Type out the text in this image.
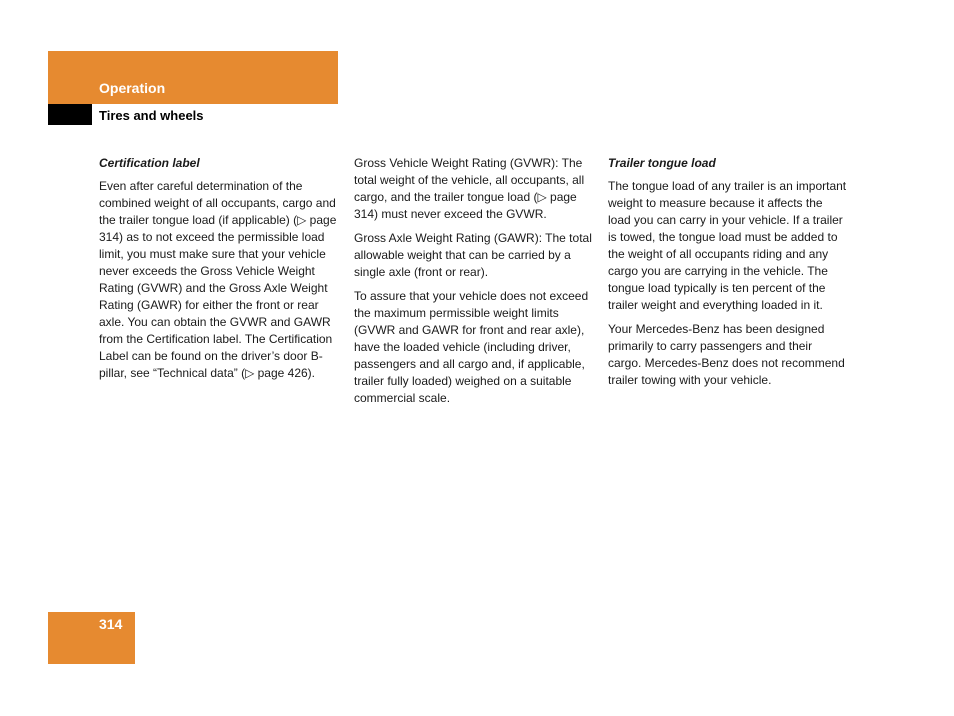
Operation
Tires and wheels
Certification label

Even after careful determination of the combined weight of all occupants, cargo and the trailer tongue load (if applicable) (▷ page 314) as to not exceed the permissible load limit, you must make sure that your vehicle never exceeds the Gross Vehicle Weight Rating (GVWR) and the Gross Axle Weight Rating (GAWR) for either the front or rear axle. You can obtain the GVWR and GAWR from the Certification label. The Certification Label can be found on the driver’s door B-pillar, see “Technical data” (▷ page 426).

Gross Vehicle Weight Rating (GVWR): The total weight of the vehicle, all occupants, all cargo, and the trailer tongue load (▷ page 314) must never exceed the GVWR.

Gross Axle Weight Rating (GAWR): The total allowable weight that can be carried by a single axle (front or rear).

To assure that your vehicle does not exceed the maximum permissible weight limits (GVWR and GAWR for front and rear axle), have the loaded vehicle (including driver, passengers and all cargo and, if applicable, trailer fully loaded) weighed on a suitable commercial scale.

Trailer tongue load

The tongue load of any trailer is an important weight to measure because it affects the load you can carry in your vehicle. If a trailer is towed, the tongue load must be added to the weight of all occupants riding and any cargo you are carrying in the vehicle. The tongue load typically is ten percent of the trailer weight and everything loaded in it.

Your Mercedes-Benz has been designed primarily to carry passengers and their cargo. Mercedes-Benz does not recommend trailer towing with your vehicle.

314
